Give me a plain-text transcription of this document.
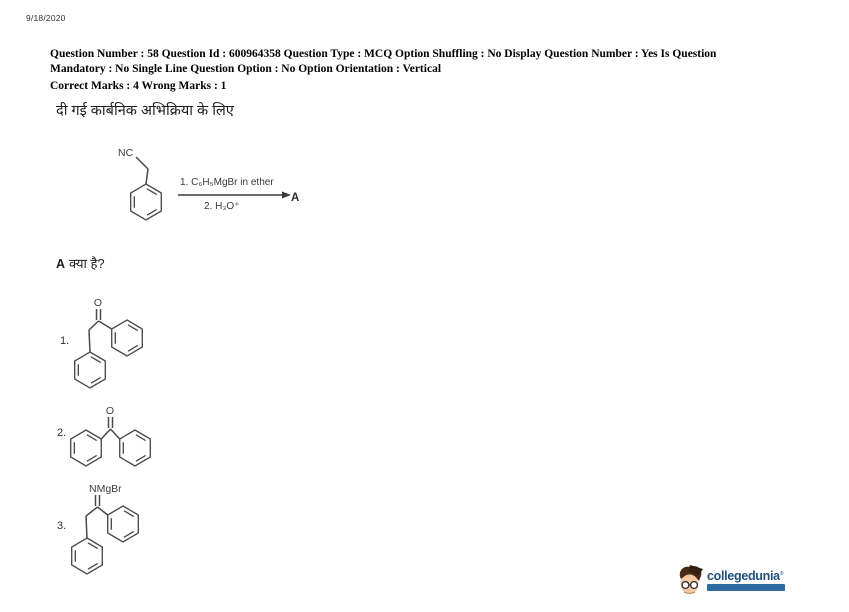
9/18/2020
Question Number : 58 Question Id : 600964358 Question Type : MCQ Option Shuffling : No Display Question Number : Yes Is Question
Mandatory : No Single Line Question Option : No Option Orientation : Vertical
Correct Marks : 4 Wrong Marks : 1
दी गई कार्बनिक अभिक्रिया के लिए
NC
1. C₆H₅MgBr in ether
2. H₃O⁺
A
A क्या है?
1.
O
2.
O
3.
NMgBr
collegedunia ®
India's largest Student Review Platform
